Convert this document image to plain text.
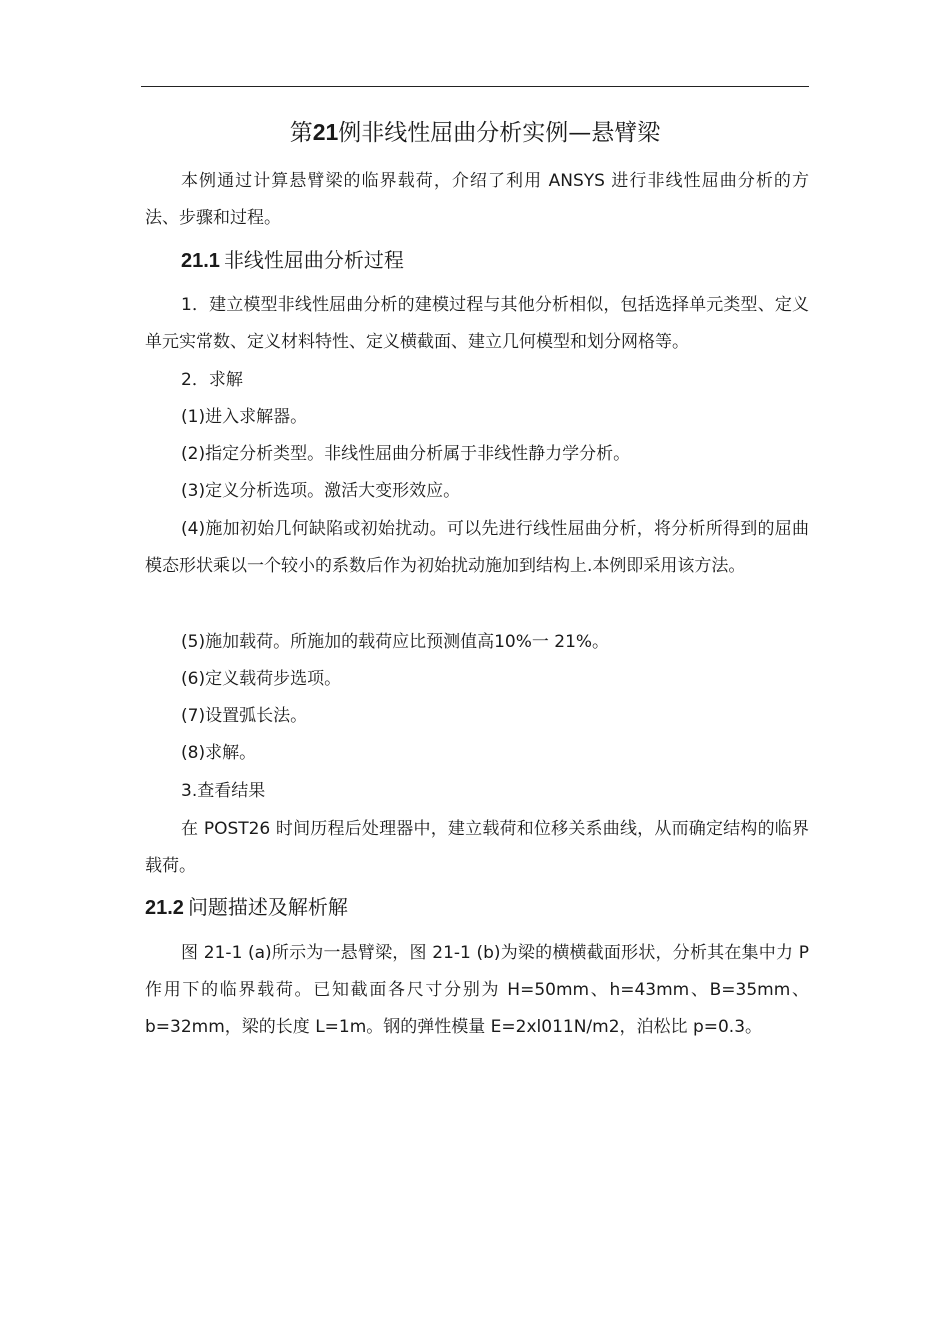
第21例非线性屈曲分析实例—悬臂梁
本例通过计算悬臂梁的临界载荷，介绍了利用 ANSYS 进行非线性屈曲分析的方法、步骤和过程。
21.1 非线性屈曲分析过程
1．建立模型非线性屈曲分析的建模过程与其他分析相似，包括选择单元类型、定义单元实常数、定义材料特性、定义横截面、建立几何模型和划分网格等。
2．求解
(1)进入求解器。
(2)指定分析类型。非线性屈曲分析属于非线性静力学分析。
(3)定义分析选项。激活大变形效应。
(4)施加初始几何缺陷或初始扰动。可以先进行线性屈曲分析，将分析所得到的屈曲模态形状乘以一个较小的系数后作为初始扰动施加到结构上.本例即采用该方法。
(5)施加载荷。所施加的载荷应比预测值高10%一 21%。
(6)定义载荷步选项。
(7)设置弧长法。
(8)求解。
3.查看结果
在 POST26 时间历程后处理器中，建立载荷和位移关系曲线，从而确定结构的临界载荷。
21.2 问题描述及解析解
图 21-1 (a)所示为一悬臂梁，图 21-1 (b)为梁的横横截面形状，分析其在集中力 P 作用下的临界载荷。已知截面各尺寸分别为 H=50mm、h=43mm、B=35mm、b=32mm，梁的长度 L=1m。钢的弹性模量 E=2xl011N/m2，泊松比 p=0.3。
